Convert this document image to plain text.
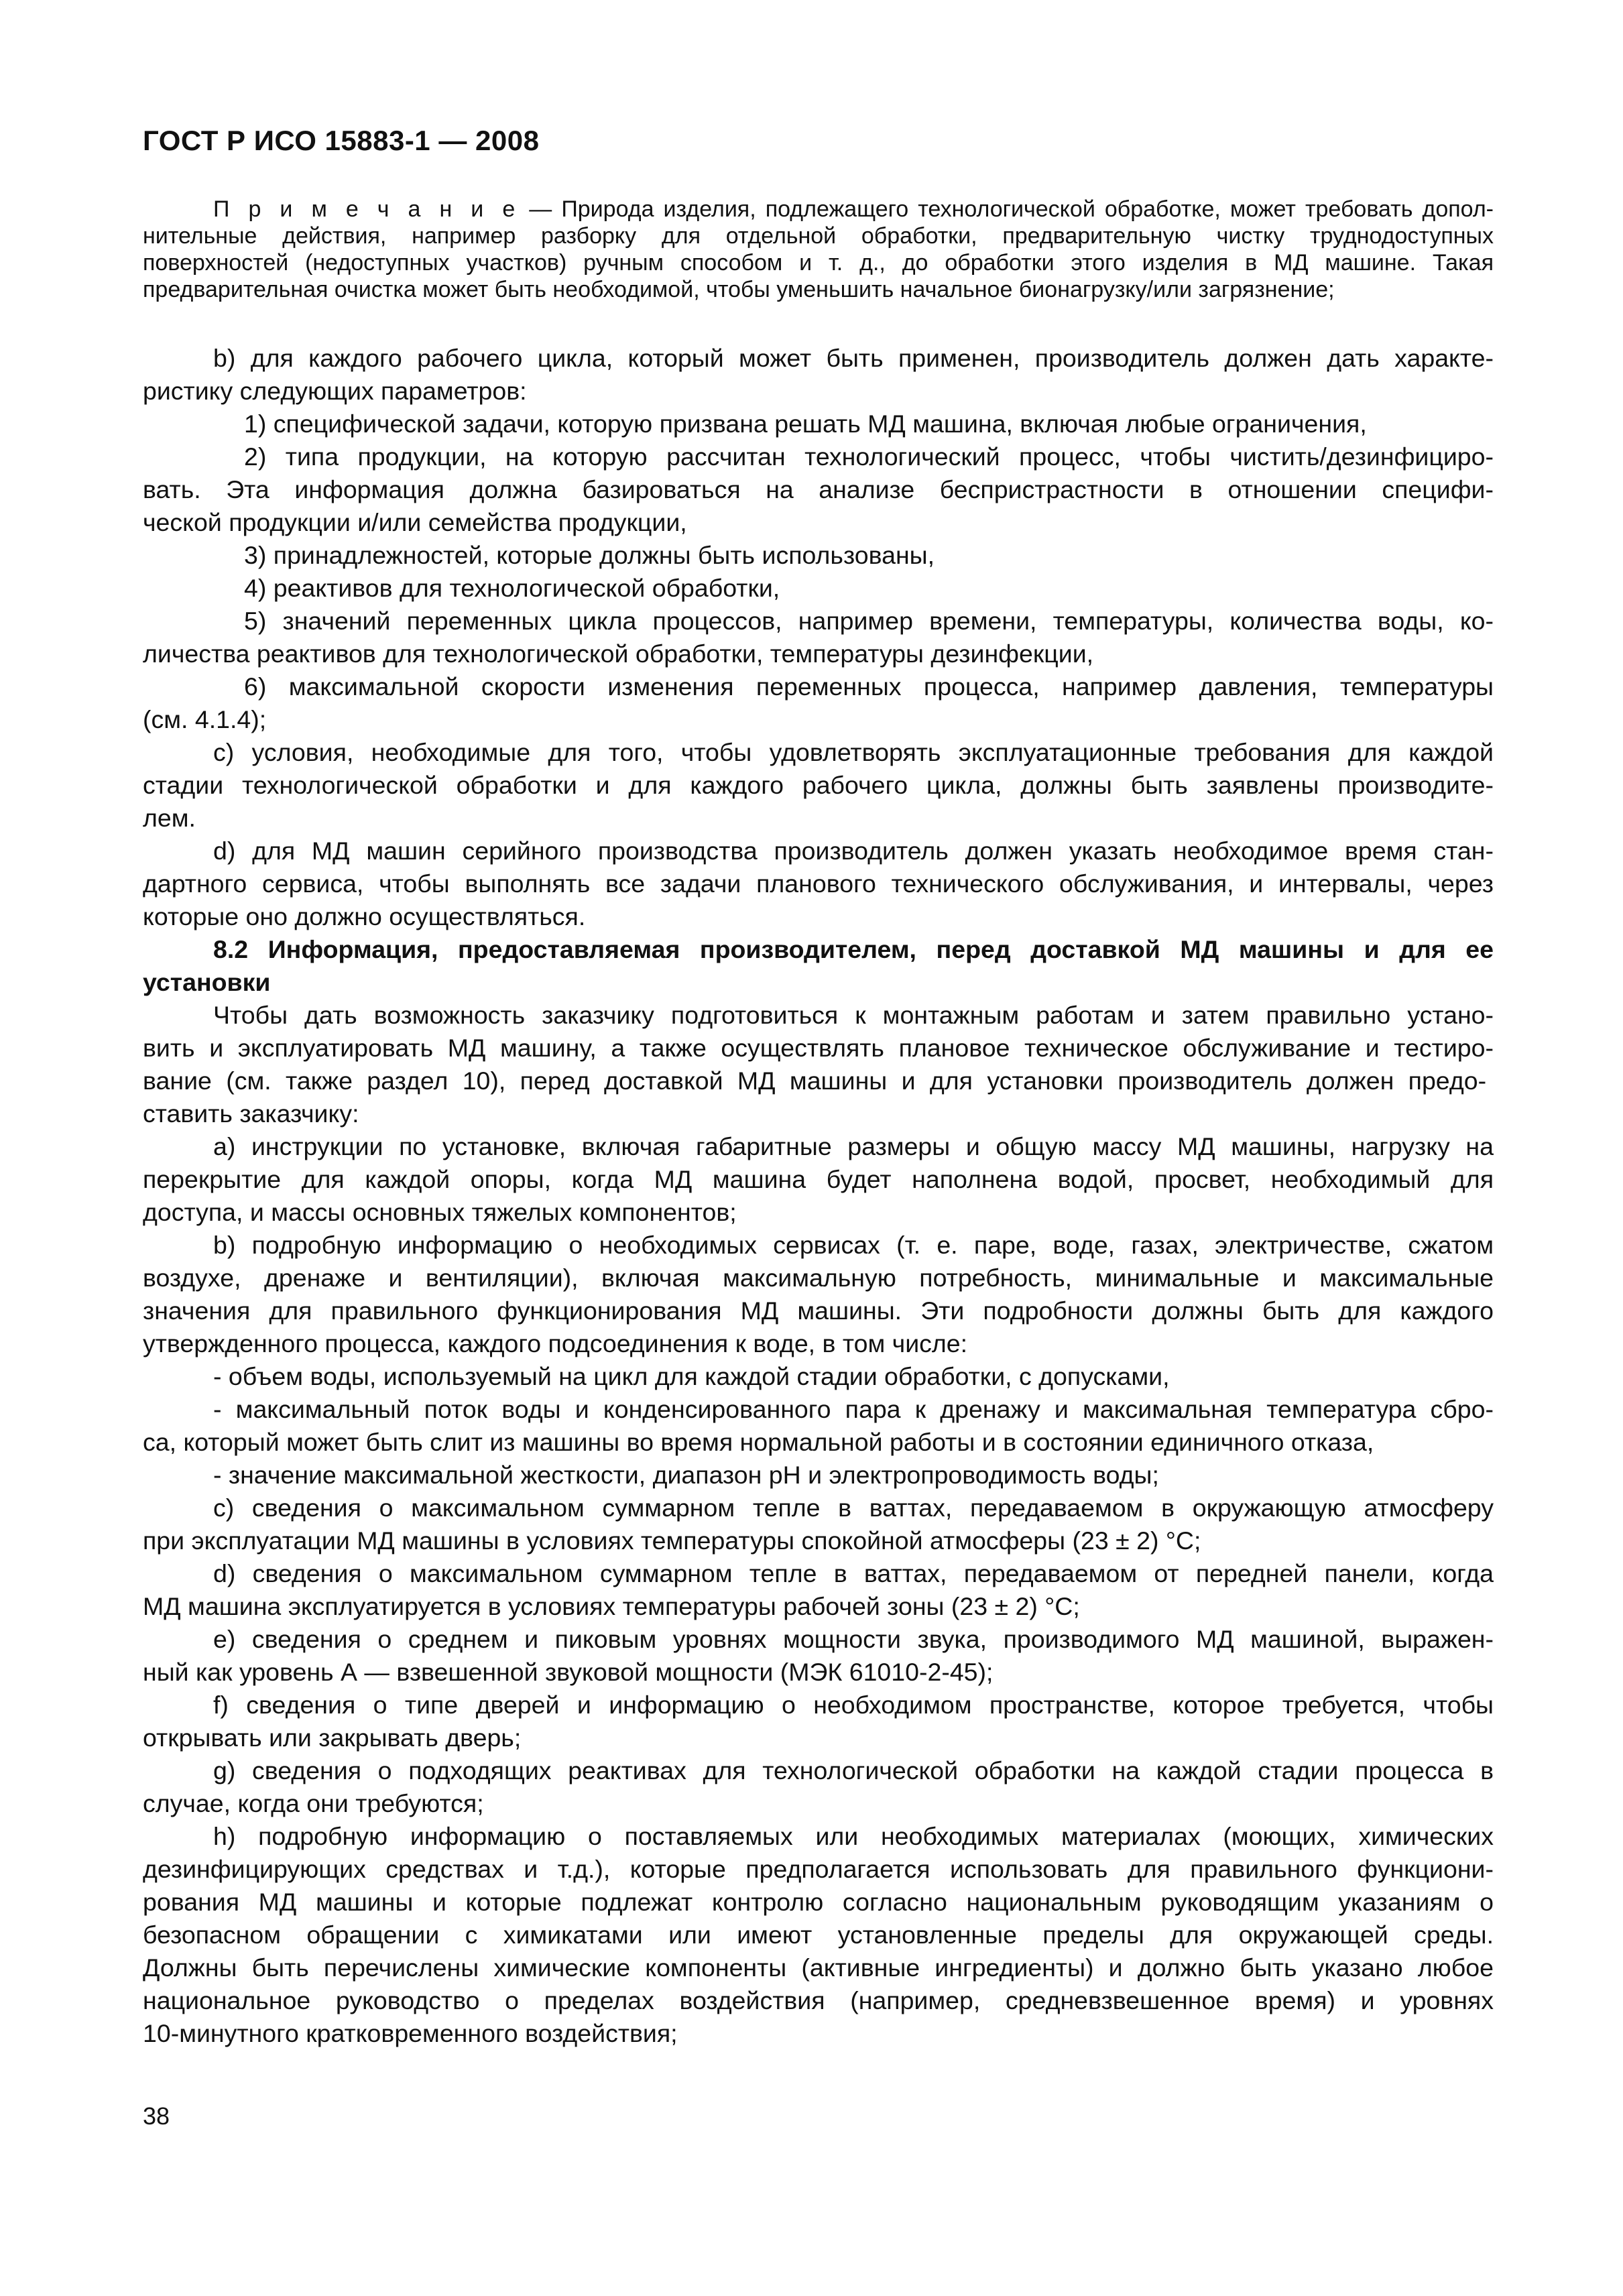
ГОСТ Р ИСО 15883-1 — 2008
П р и м е ч а н и е — Природа изделия, подлежащего технологической обработке, может требовать допол-
нительные действия, например разборку для отдельной обработки, предварительную чистку труднодоступных
поверхностей (недоступных участков) ручным способом и т. д., до обработки этого изделия в МД машине. Такая
предварительная очистка может быть необходимой, чтобы уменьшить начальное бионагрузку/или загрязнение;
b) для каждого рабочего цикла, который может быть применен, производитель должен дать характе-
ристику следующих параметров:
1) специфической задачи, которую призвана решать МД машина, включая любые ограничения,
2) типа продукции, на которую рассчитан технологический процесс, чтобы чистить/дезинфициро-
вать. Эта информация должна базироваться на анализе беспристрастности в отношении специфи-
ческой продукции и/или семейства продукции,
3) принадлежностей, которые должны быть использованы,
4) реактивов для технологической обработки,
5) значений переменных цикла процессов, например времени, температуры, количества воды, ко-
личества реактивов для технологической обработки, температуры дезинфекции,
6) максимальной скорости изменения переменных процесса, например давления, температуры
(см. 4.1.4);
с) условия, необходимые для того, чтобы удовлетворять эксплуатационные требования для каждой
стадии технологической обработки и для каждого рабочего цикла, должны быть заявлены производите-
лем.
d) для МД машин серийного производства производитель должен указать необходимое время стан-
дартного сервиса, чтобы выполнять все задачи планового технического обслуживания, и интервалы, через
которые оно должно осуществляться.
8.2 Информация, предоставляемая производителем, перед доставкой МД машины и для ее
установки
Чтобы дать возможность заказчику подготовиться к монтажным работам и затем правильно устано-
вить и эксплуатировать МД машину, а также осуществлять плановое техническое обслуживание и тестиро-
вание (см. также раздел 10), перед доставкой МД машины и для установки производитель должен предо-
ставить заказчику:
а) инструкции по установке, включая габаритные размеры и общую массу МД машины, нагрузку на
перекрытие для каждой опоры, когда МД машина будет наполнена водой, просвет, необходимый для
доступа, и массы основных тяжелых компонентов;
b) подробную информацию о необходимых сервисах (т. е. паре, воде, газах, электричестве, сжатом
воздухе, дренаже и вентиляции), включая максимальную потребность, минимальные и максимальные
значения для правильного функционирования МД машины. Эти подробности должны быть для каждого
утвержденного процесса, каждого подсоединения к воде, в том числе:
- объем воды, используемый на цикл для каждой стадии обработки, с допусками,
- максимальный поток воды и конденсированного пара к дренажу и максимальная температура сбро-
са, который может быть слит из машины во время нормальной работы и в состоянии единичного отказа,
- значение максимальной жесткости, диапазон pH и электропроводимость воды;
с) сведения о максимальном суммарном тепле в ваттах, передаваемом в окружающую атмосферу
при эксплуатации МД машины в условиях температуры спокойной атмосферы (23 ± 2) °С;
d) сведения о максимальном суммарном тепле в ваттах, передаваемом от передней панели, когда
МД машина эксплуатируется в условиях температуры рабочей зоны (23 ± 2) °С;
е) сведения о среднем и пиковым уровнях мощности звука, производимого МД машиной, выражен-
ный как уровень А — взвешенной звуковой мощности (МЭК 61010-2-45);
f) сведения о типе дверей и информацию о необходимом пространстве, которое требуется, чтобы
открывать или закрывать дверь;
g) сведения о подходящих реактивах для технологической обработки на каждой стадии процесса в
случае, когда они требуются;
h) подробную информацию о поставляемых или необходимых материалах (моющих, химических
дезинфицирующих средствах и т.д.), которые предполагается использовать для правильного функциони-
рования МД машины и которые подлежат контролю согласно национальным руководящим указаниям о
безопасном обращении с химикатами или имеют установленные пределы для окружающей среды.
Должны быть перечислены химические компоненты (активные ингредиенты) и должно быть указано любое
национальное руководство о пределах воздействия (например, средневзвешенное время) и уровнях
10-минутного кратковременного воздействия;
38
